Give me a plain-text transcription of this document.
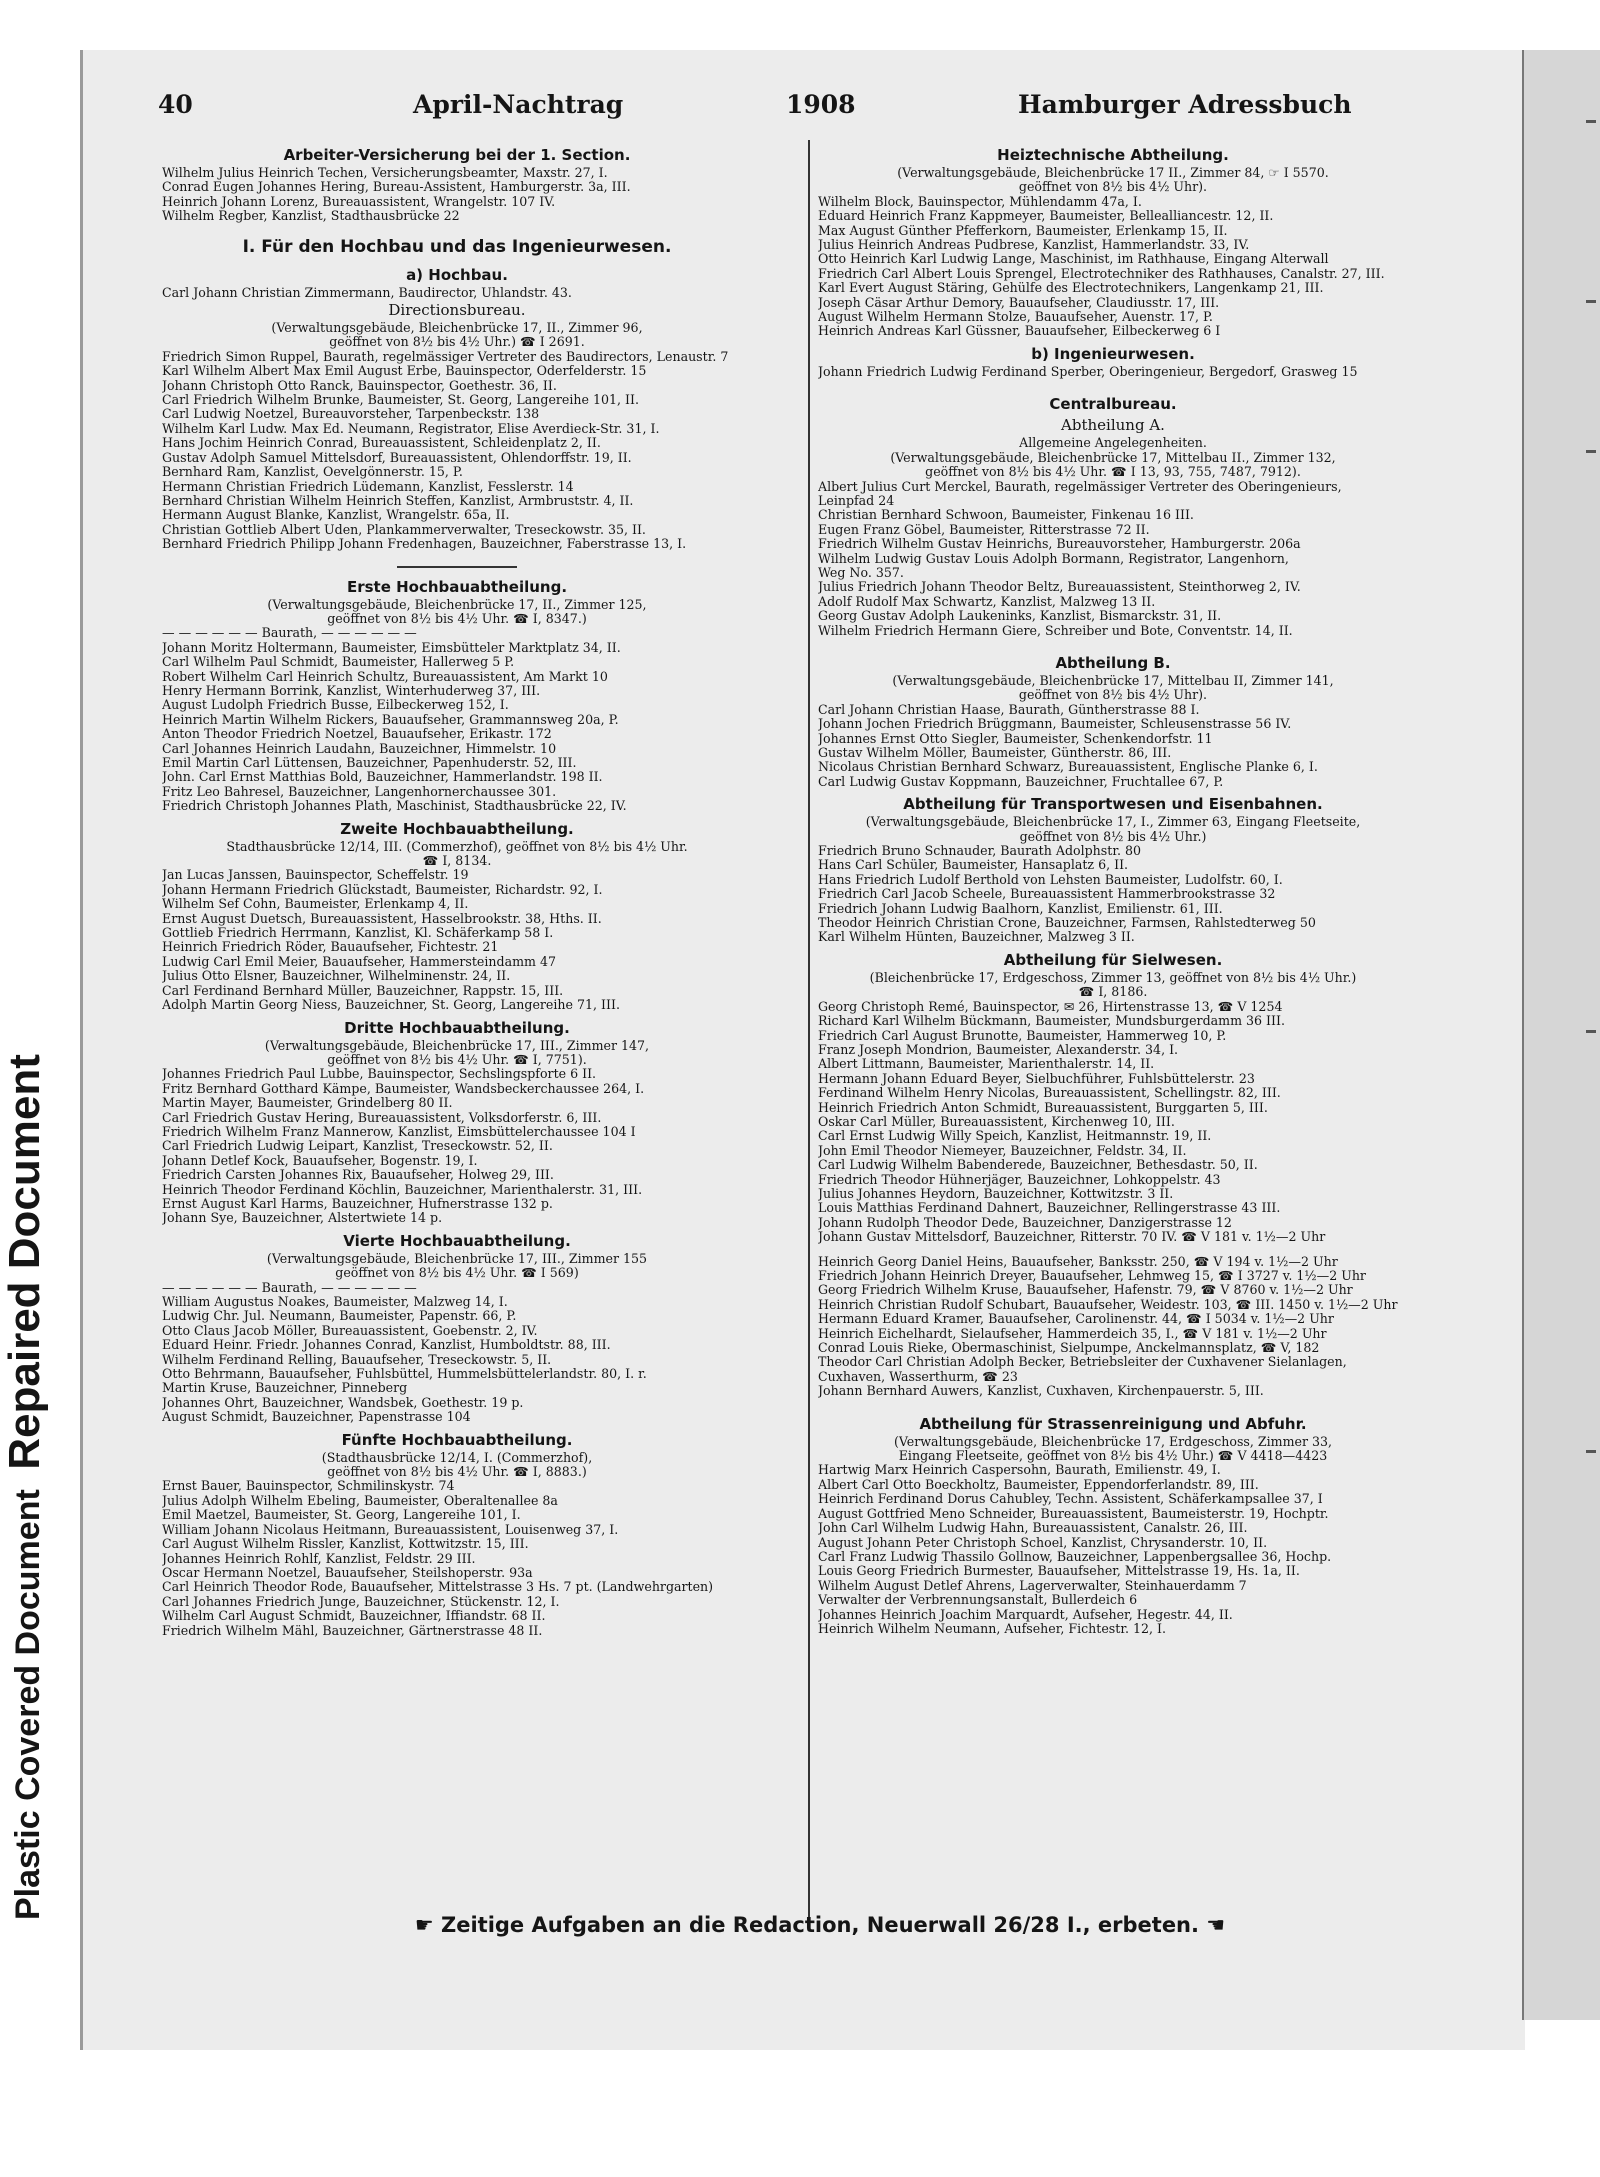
Plastic Covered Document Repaired Document
40	April-Nachtrag	1908	Hamburger Adressbuch
Arbeiter-Versicherung bei der 1. Section.
Wilhelm Julius Heinrich Techen, Versicherungsbeamter, Maxstr. 27, I.
Conrad Eugen Johannes Hering, Bureau-Assistent, Hamburgerstr. 3a, III.
Heinrich Johann Lorenz, Bureauassistent, Wrangelstr. 107 IV.
Wilhelm Regber, Kanzlist, Stadthausbrücke 22
I. Für den Hochbau und das Ingenieurwesen.
a) Hochbau.
Carl Johann Christian Zimmermann, Baudirector, Uhlandstr. 43.
Directionsbureau.
(Verwaltungsgebäude, Bleichenbrücke 17, II., Zimmer 96,
geöffnet von 8½ bis 4½ Uhr.) ☎ I 2691.
Friedrich Simon Ruppel, Baurath, regelmässiger Vertreter des Baudirectors, Lenaustr. 7
Karl Wilhelm Albert Max Emil August Erbe, Bauinspector, Oderfelderstr. 15
Johann Christoph Otto Ranck, Bauinspector, Goethestr. 36, II.
Carl Friedrich Wilhelm Brunke, Baumeister, St. Georg, Langereihe 101, II.
Carl Ludwig Noetzel, Bureauvorsteher, Tarpenbeckstr. 138
Wilhelm Karl Ludw. Max Ed. Neumann, Registrator, Elise Averdieck-Str. 31, I.
Hans Jochim Heinrich Conrad, Bureauassistent, Schleidenplatz 2, II.
Gustav Adolph Samuel Mittelsdorf, Bureauassistent, Ohlendorffstr. 19, II.
Bernhard Ram, Kanzlist, Oevelgönnerstr. 15, P.
Hermann Christian Friedrich Lüdemann, Kanzlist, Fesslerstr. 14
Bernhard Christian Wilhelm Heinrich Steffen, Kanzlist, Armbruststr. 4, II.
Hermann August Blanke, Kanzlist, Wrangelstr. 65a, II.
Christian Gottlieb Albert Uden, Plankammerverwalter, Treseckowstr. 35, II.
Bernhard Friedrich Philipp Johann Fredenhagen, Bauzeichner, Faberstrasse 13, I.
Erste Hochbauabtheilung.
(Verwaltungsgebäude, Bleichenbrücke 17, II., Zimmer 125,
geöffnet von 8½ bis 4½ Uhr. ☎ I, 8347.)
— — — — — — Baurath, — — — — — —
Johann Moritz Holtermann, Baumeister, Eimsbütteler Marktplatz 34, II.
Carl Wilhelm Paul Schmidt, Baumeister, Hallerweg 5 P.
Robert Wilhelm Carl Heinrich Schultz, Bureauassistent, Am Markt 10
Henry Hermann Borrink, Kanzlist, Winterhuderweg 37, III.
August Ludolph Friedrich Busse, Eilbeckerweg 152, I.
Heinrich Martin Wilhelm Rickers, Bauaufseher, Grammannsweg 20a, P.
Anton Theodor Friedrich Noetzel, Bauaufseher, Erikastr. 172
Carl Johannes Heinrich Laudahn, Bauzeichner, Himmelstr. 10
Emil Martin Carl Lüttensen, Bauzeichner, Papenhuderstr. 52, III.
John. Carl Ernst Matthias Bold, Bauzeichner, Hammerlandstr. 198 II.
Fritz Leo Bahresel, Bauzeichner, Langenhornerchaussee 301.
Friedrich Christoph Johannes Plath, Maschinist, Stadthausbrücke 22, IV.
Zweite Hochbauabtheilung.
Stadthausbrücke 12/14, III. (Commerzhof), geöffnet von 8½ bis 4½ Uhr.
☎ I, 8134.
Jan Lucas Janssen, Bauinspector, Scheffelstr. 19
Johann Hermann Friedrich Glückstadt, Baumeister, Richardstr. 92, I.
Wilhelm Sef Cohn, Baumeister, Erlenkamp 4, II.
Ernst August Duetsch, Bureauassistent, Hasselbrookstr. 38, Hths. II.
Gottlieb Friedrich Herrmann, Kanzlist, Kl. Schäferkamp 58 I.
Heinrich Friedrich Röder, Bauaufseher, Fichtestr. 21
Ludwig Carl Emil Meier, Bauaufseher, Hammersteindamm 47
Julius Otto Elsner, Bauzeichner, Wilhelminenstr. 24, II.
Carl Ferdinand Bernhard Müller, Bauzeichner, Rappstr. 15, III.
Adolph Martin Georg Niess, Bauzeichner, St. Georg, Langereihe 71, III.
Dritte Hochbauabtheilung.
(Verwaltungsgebäude, Bleichenbrücke 17, III., Zimmer 147,
geöffnet von 8½ bis 4½ Uhr. ☎ I, 7751).
Johannes Friedrich Paul Lubbe, Bauinspector, Sechslingspforte 6 II.
Fritz Bernhard Gotthard Kämpe, Baumeister, Wandsbeckerchaussee 264, I.
Martin Mayer, Baumeister, Grindelberg 80 II.
Carl Friedrich Gustav Hering, Bureauassistent, Volksdorferstr. 6, III.
Friedrich Wilhelm Franz Mannerow, Kanzlist, Eimsbüttelerchaussee 104 I
Carl Friedrich Ludwig Leipart, Kanzlist, Treseckowstr. 52, II.
Johann Detlef Kock, Bauaufseher, Bogenstr. 19, I.
Friedrich Carsten Johannes Rix, Bauaufseher, Holweg 29, III.
Heinrich Theodor Ferdinand Köchlin, Bauzeichner, Marienthalerstr. 31, III.
Ernst August Karl Harms, Bauzeichner, Hufnerstrasse 132 p.
Johann Sye, Bauzeichner, Alstertwiete 14 p.
Vierte Hochbauabtheilung.
(Verwaltungsgebäude, Bleichenbrücke 17, III., Zimmer 155
geöffnet von 8½ bis 4½ Uhr. ☎ I 569)
— — — — — — Baurath, — — — — — —
William Augustus Noakes, Baumeister, Malzweg 14, I.
Ludwig Chr. Jul. Neumann, Baumeister, Papenstr. 66, P.
Otto Claus Jacob Möller, Bureauassistent, Goebenstr. 2, IV.
Eduard Heinr. Friedr. Johannes Conrad, Kanzlist, Humboldtstr. 88, III.
Wilhelm Ferdinand Relling, Bauaufseher, Treseckowstr. 5, II.
Otto Behrmann, Bauaufseher, Fuhlsbüttel, Hummelsbüttelerlandstr. 80, I. r.
Martin Kruse, Bauzeichner, Pinneberg
Johannes Ohrt, Bauzeichner, Wandsbek, Goethestr. 19 p.
August Schmidt, Bauzeichner, Papenstrasse 104
Fünfte Hochbauabtheilung.
(Stadthausbrücke 12/14, I. (Commerzhof),
geöffnet von 8½ bis 4½ Uhr. ☎ I, 8883.)
Ernst Bauer, Bauinspector, Schmilinskystr. 74
Julius Adolph Wilhelm Ebeling, Baumeister, Oberaltenallee 8a
Emil Maetzel, Baumeister, St. Georg, Langereihe 101, I.
William Johann Nicolaus Heitmann, Bureauassistent, Louisenweg 37, I.
Carl August Wilhelm Rissler, Kanzlist, Kottwitzstr. 15, III.
Johannes Heinrich Rohlf, Kanzlist, Feldstr. 29 III.
Oscar Hermann Noetzel, Bauaufseher, Steilshoperstr. 93a
Carl Heinrich Theodor Rode, Bauaufseher, Mittelstrasse 3 Hs. 7 pt. (Landwehrgarten)
Carl Johannes Friedrich Junge, Bauzeichner, Stückenstr. 12, I.
Wilhelm Carl August Schmidt, Bauzeichner, Iffiandstr. 68 II.
Friedrich Wilhelm Mähl, Bauzeichner, Gärtnerstrasse 48 II.
Heiztechnische Abtheilung.
(Verwaltungsgebäude, Bleichenbrücke 17 II., Zimmer 84, ☞ I 5570.
geöffnet von 8½ bis 4½ Uhr).
Wilhelm Block, Bauinspector, Mühlendamm 47a, I.
Eduard Heinrich Franz Kappmeyer, Baumeister, Bellealliancestr. 12, II.
Max August Günther Pfefferkorn, Baumeister, Erlenkamp 15, II.
Julius Heinrich Andreas Pudbrese, Kanzlist, Hammerlandstr. 33, IV.
Otto Heinrich Karl Ludwig Lange, Maschinist, im Rathhause, Eingang Alterwall
Friedrich Carl Albert Louis Sprengel, Electrotechniker des Rathhauses, Canalstr. 27, III.
Karl Evert August Stäring, Gehülfe des Electrotechnikers, Langenkamp 21, III.
Joseph Cäsar Arthur Demory, Bauaufseher, Claudiusstr. 17, III.
August Wilhelm Hermann Stolze, Bauaufseher, Auenstr. 17, P.
Heinrich Andreas Karl Güssner, Bauaufseher, Eilbeckerweg 6 I
b) Ingenieurwesen.
Johann Friedrich Ludwig Ferdinand Sperber, Oberingenieur, Bergedorf, Grasweg 15
Centralbureau.
Abtheilung A.
Allgemeine Angelegenheiten.
(Verwaltungsgebäude, Bleichenbrücke 17, Mittelbau II., Zimmer 132,
geöffnet von 8½ bis 4½ Uhr. ☎ I 13, 93, 755, 7487, 7912).
Albert Julius Curt Merckel, Baurath, regelmässiger Vertreter des Oberingenieurs,
Leinpfad 24
Christian Bernhard Schwoon, Baumeister, Finkenau 16 III.
Eugen Franz Göbel, Baumeister, Ritterstrasse 72 II.
Friedrich Wilhelm Gustav Heinrichs, Bureauvorsteher, Hamburgerstr. 206a
Wilhelm Ludwig Gustav Louis Adolph Bormann, Registrator, Langenhorn,
Weg No. 357.
Julius Friedrich Johann Theodor Beltz, Bureauassistent, Steinthorweg 2, IV.
Adolf Rudolf Max Schwartz, Kanzlist, Malzweg 13 II.
Georg Gustav Adolph Laukeninks, Kanzlist, Bismarckstr. 31, II.
Wilhelm Friedrich Hermann Giere, Schreiber und Bote, Conventstr. 14, II.
Abtheilung B.
(Verwaltungsgebäude, Bleichenbrücke 17, Mittelbau II, Zimmer 141,
geöffnet von 8½ bis 4½ Uhr).
Carl Johann Christian Haase, Baurath, Güntherstrasse 88 I.
Johann Jochen Friedrich Brüggmann, Baumeister, Schleusenstrasse 56 IV.
Johannes Ernst Otto Siegler, Baumeister, Schenkendorfstr. 11
Gustav Wilhelm Möller, Baumeister, Güntherstr. 86, III.
Nicolaus Christian Bernhard Schwarz, Bureauassistent, Englische Planke 6, I.
Carl Ludwig Gustav Koppmann, Bauzeichner, Fruchtallee 67, P.
Abtheilung für Transportwesen und Eisenbahnen.
(Verwaltungsgebäude, Bleichenbrücke 17, I., Zimmer 63, Eingang Fleetseite,
geöffnet von 8½ bis 4½ Uhr.)
Friedrich Bruno Schnauder, Baurath Adolphstr. 80
Hans Carl Schüler, Baumeister, Hansaplatz 6, II.
Hans Friedrich Ludolf Berthold von Lehsten Baumeister, Ludolfstr. 60, I.
Friedrich Carl Jacob Scheele, Bureauassistent Hammerbrookstrasse 32
Friedrich Johann Ludwig Baalhorn, Kanzlist, Emilienstr. 61, III.
Theodor Heinrich Christian Crone, Bauzeichner, Farmsen, Rahlstedterweg 50
Karl Wilhelm Hünten, Bauzeichner, Malzweg 3 II.
Abtheilung für Sielwesen.
(Bleichenbrücke 17, Erdgeschoss, Zimmer 13, geöffnet von 8½ bis 4½ Uhr.)
☎ I, 8186.
Georg Christoph Remé, Bauinspector, ✉ 26, Hirtenstrasse 13, ☎ V 1254
Richard Karl Wilhelm Bückmann, Baumeister, Mundsburgerdamm 36 III.
Friedrich Carl August Brunotte, Baumeister, Hammerweg 10, P.
Franz Joseph Mondrion, Baumeister, Alexanderstr. 34, I.
Albert Littmann, Baumeister, Marienthalerstr. 14, II.
Hermann Johann Eduard Beyer, Sielbuchführer, Fuhlsbüttelerstr. 23
Ferdinand Wilhelm Henry Nicolas, Bureauassistent, Schellingstr. 82, III.
Heinrich Friedrich Anton Schmidt, Bureauassistent, Burggarten 5, III.
Oskar Carl Müller, Bureauassistent, Kirchenweg 10, III.
Carl Ernst Ludwig Willy Speich, Kanzlist, Heitmannstr. 19, II.
John Emil Theodor Niemeyer, Bauzeichner, Feldstr. 34, II.
Carl Ludwig Wilhelm Babenderede, Bauzeichner, Bethesdastr. 50, II.
Friedrich Theodor Hühnerjäger, Bauzeichner, Lohkoppelstr. 43
Julius Johannes Heydorn, Bauzeichner, Kottwitzstr. 3 II.
Louis Matthias Ferdinand Dahnert, Bauzeichner, Rellingerstrasse 43 III.
Johann Rudolph Theodor Dede, Bauzeichner, Danzigerstrasse 12
Johann Gustav Mittelsdorf, Bauzeichner, Ritterstr. 70 IV. ☎ V 181 v. 1½—2 Uhr
Heinrich Georg Daniel Heins, Bauaufseher, Banksstr. 250, ☎ V 194 v. 1½—2 Uhr
Friedrich Johann Heinrich Dreyer, Bauaufseher, Lehmweg 15, ☎ I 3727 v. 1½—2 Uhr
Georg Friedrich Wilhelm Kruse, Bauaufseher, Hafenstr. 79, ☎ V 8760 v. 1½—2 Uhr
Heinrich Christian Rudolf Schubart, Bauaufseher, Weidestr. 103, ☎ III. 1450 v. 1½—2 Uhr
Hermann Eduard Kramer, Bauaufseher, Carolinenstr. 44, ☎ I 5034 v. 1½—2 Uhr
Heinrich Eichelhardt, Sielaufseher, Hammerdeich 35, I., ☎ V 181 v. 1½—2 Uhr
Conrad Louis Rieke, Obermaschinist, Sielpumpe, Anckelmannsplatz, ☎ V, 182
Theodor Carl Christian Adolph Becker, Betriebsleiter der Cuxhavener Sielanlagen,
Cuxhaven, Wasserthurm, ☎ 23
Johann Bernhard Auwers, Kanzlist, Cuxhaven, Kirchenpauerstr. 5, III.
Abtheilung für Strassenreinigung und Abfuhr.
(Verwaltungsgebäude, Bleichenbrücke 17, Erdgeschoss, Zimmer 33,
Eingang Fleetseite, geöffnet von 8½ bis 4½ Uhr.) ☎ V 4418—4423
Hartwig Marx Heinrich Caspersohn, Baurath, Emilienstr. 49, I.
Albert Carl Otto Boeckholtz, Baumeister, Eppendorferlandstr. 89, III.
Heinrich Ferdinand Dorus Cahubley, Techn. Assistent, Schäferkampsallee 37, I
August Gottfried Meno Schneider, Bureauassistent, Baumeisterstr. 19, Hochptr.
John Carl Wilhelm Ludwig Hahn, Bureauassistent, Canalstr. 26, III.
August Johann Peter Christoph Schoel, Kanzlist, Chrysanderstr. 10, II.
Carl Franz Ludwig Thassilo Gollnow, Bauzeichner, Lappenbergsallee 36, Hochp.
Louis Georg Friedrich Burmester, Bauaufseher, Mittelstrasse 19, Hs. 1a, II.
Wilhelm August Detlef Ahrens, Lagerverwalter, Steinhauerdamm 7
Verwalter der Verbrennungsanstalt, Bullerdeich 6
Johannes Heinrich Joachim Marquardt, Aufseher, Hegestr. 44, II.
Heinrich Wilhelm Neumann, Aufseher, Fichtestr. 12, I.
☛ Zeitige Aufgaben an die Redaction, Neuerwall 26/28 I., erbeten. ☚
